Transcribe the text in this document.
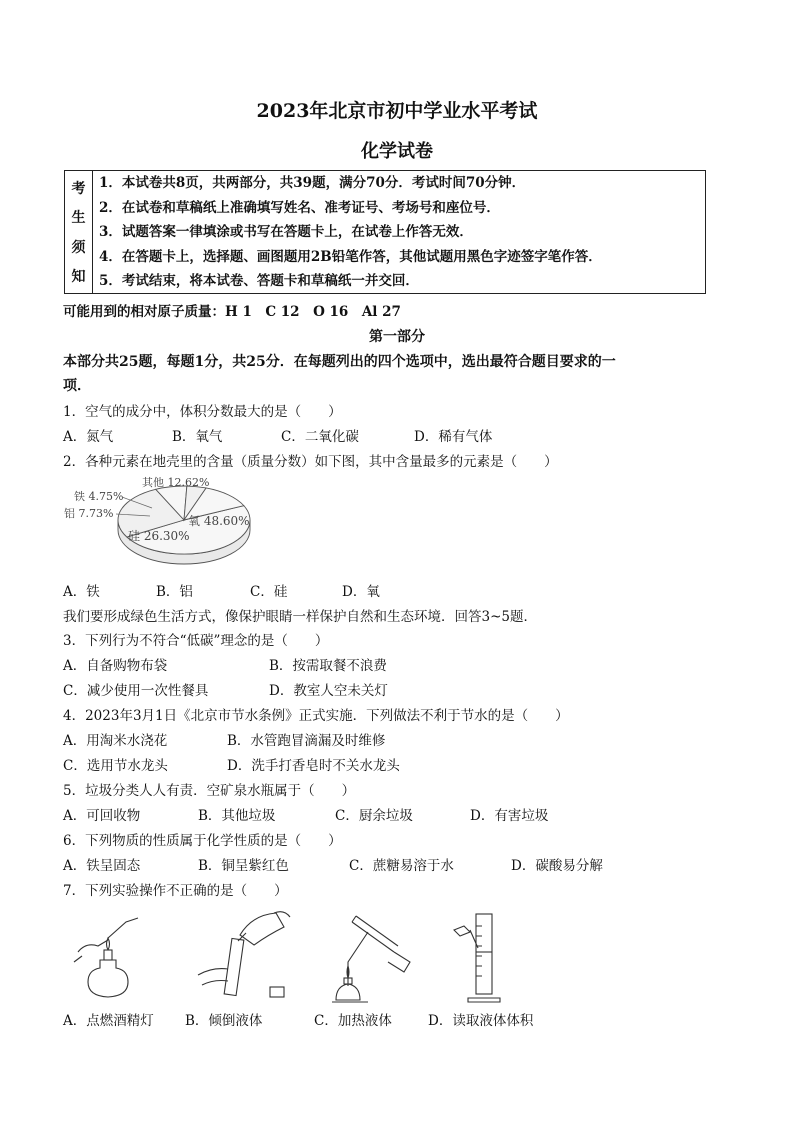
2023年北京市初中学业水平考试
化学试卷
考
生
须
知
1．本试卷共8页，共两部分，共39题，满分70分．考试时间70分钟．
2．在试卷和草稿纸上准确填写姓名、准考证号、考场号和座位号．
3．试题答案一律填涂或书写在答题卡上，在试卷上作答无效．
4．在答题卡上，选择题、画图题用2B铅笔作答，其他试题用黑色字迹签字笔作答．
5．考试结束，将本试卷、答题卡和草稿纸一并交回．
可能用到的相对原子质量：H 1　C 12　O 16　Al 27
第一部分
本部分共25题，每题1分，共25分．在每题列出的四个选项中，选出最符合题目要求的一
项．
1．空气的成分中，体积分数最大的是（　　）
A．氮气	B．氧气	C．二氧化碳	D．稀有气体
2．各种元素在地壳里的含量（质量分数）如下图，其中含量最多的元素是（　　）
其他 12.62%
铁 4.75%
铝 7.73%
氧 48.60%
硅 26.30%
A．铁	B．铝	C．硅	D．氧
我们要形成绿色生活方式，像保护眼睛一样保护自然和生态环境．回答3~5题．
3．下列行为不符合“低碳”理念的是（　　）
A．自备购物布袋	B．按需取餐不浪费
C．减少使用一次性餐具	D．教室人空未关灯
4．2023年3月1日《北京市节水条例》正式实施．下列做法不利于节水的是（　　）
A．用淘米水浇花	B．水管跑冒滴漏及时维修
C．选用节水龙头	D．洗手打香皂时不关水龙头
5．垃圾分类人人有责．空矿泉水瓶属于（　　）
A．可回收物	B．其他垃圾	C．厨余垃圾	D．有害垃圾
6．下列物质的性质属于化学性质的是（　　）
A．铁呈固态	B．铜呈紫红色	C．蔗糖易溶于水	D．碳酸易分解
7．下列实验操作不正确的是（　　）
A．点燃酒精灯 B．倾倒液体	C．加热液体	D．读取液体体积
